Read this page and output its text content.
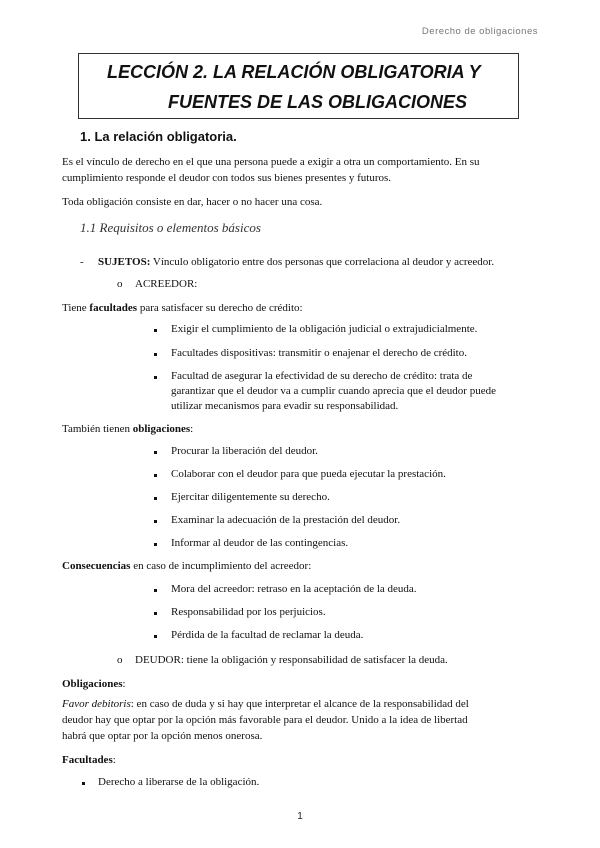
Derecho de obligaciones
LECCIÓN 2. LA RELACIÓN OBLIGATORIA Y
FUENTES DE LAS OBLIGACIONES
1. La relación obligatoria.
Es el vínculo de derecho en el que una persona puede a exigir a otra un comportamiento. En su
cumplimiento responde el deudor con todos sus bienes presentes y futuros.
Toda obligación consiste en dar, hacer o no hacer una cosa.
1.1 Requisitos o elementos básicos
- SUJETOS: Vínculo obligatorio entre dos personas que correlaciona al deudor y acreedor.
o ACREEDOR:
Tiene facultades para satisfacer su derecho de crédito:
Exigir el cumplimiento de la obligación judicial o extrajudicialmente.
Facultades dispositivas: transmitir o enajenar el derecho de crédito.
Facultad de asegurar la efectividad de su derecho de crédito: trata de
garantizar que el deudor va a cumplir cuando aprecia que el deudor puede
utilizar mecanismos para evadir su responsabilidad.
También tienen obligaciones:
Procurar la liberación del deudor.
Colaborar con el deudor para que pueda ejecutar la prestación.
Ejercitar diligentemente su derecho.
Examinar la adecuación de la prestación del deudor.
Informar al deudor de las contingencias.
Consecuencias en caso de incumplimiento del acreedor:
Mora del acreedor: retraso en la aceptación de la deuda.
Responsabilidad por los perjuicios.
Pérdida de la facultad de reclamar la deuda.
o DEUDOR: tiene la obligación y responsabilidad de satisfacer la deuda.
Obligaciones:
Favor debitoris: en caso de duda y si hay que interpretar el alcance de la responsabilidad del
deudor hay que optar por la opción más favorable para el deudor. Unido a la idea de libertad
habrá que optar por la opción menos onerosa.
Facultades:
Derecho a liberarse de la obligación.
1
